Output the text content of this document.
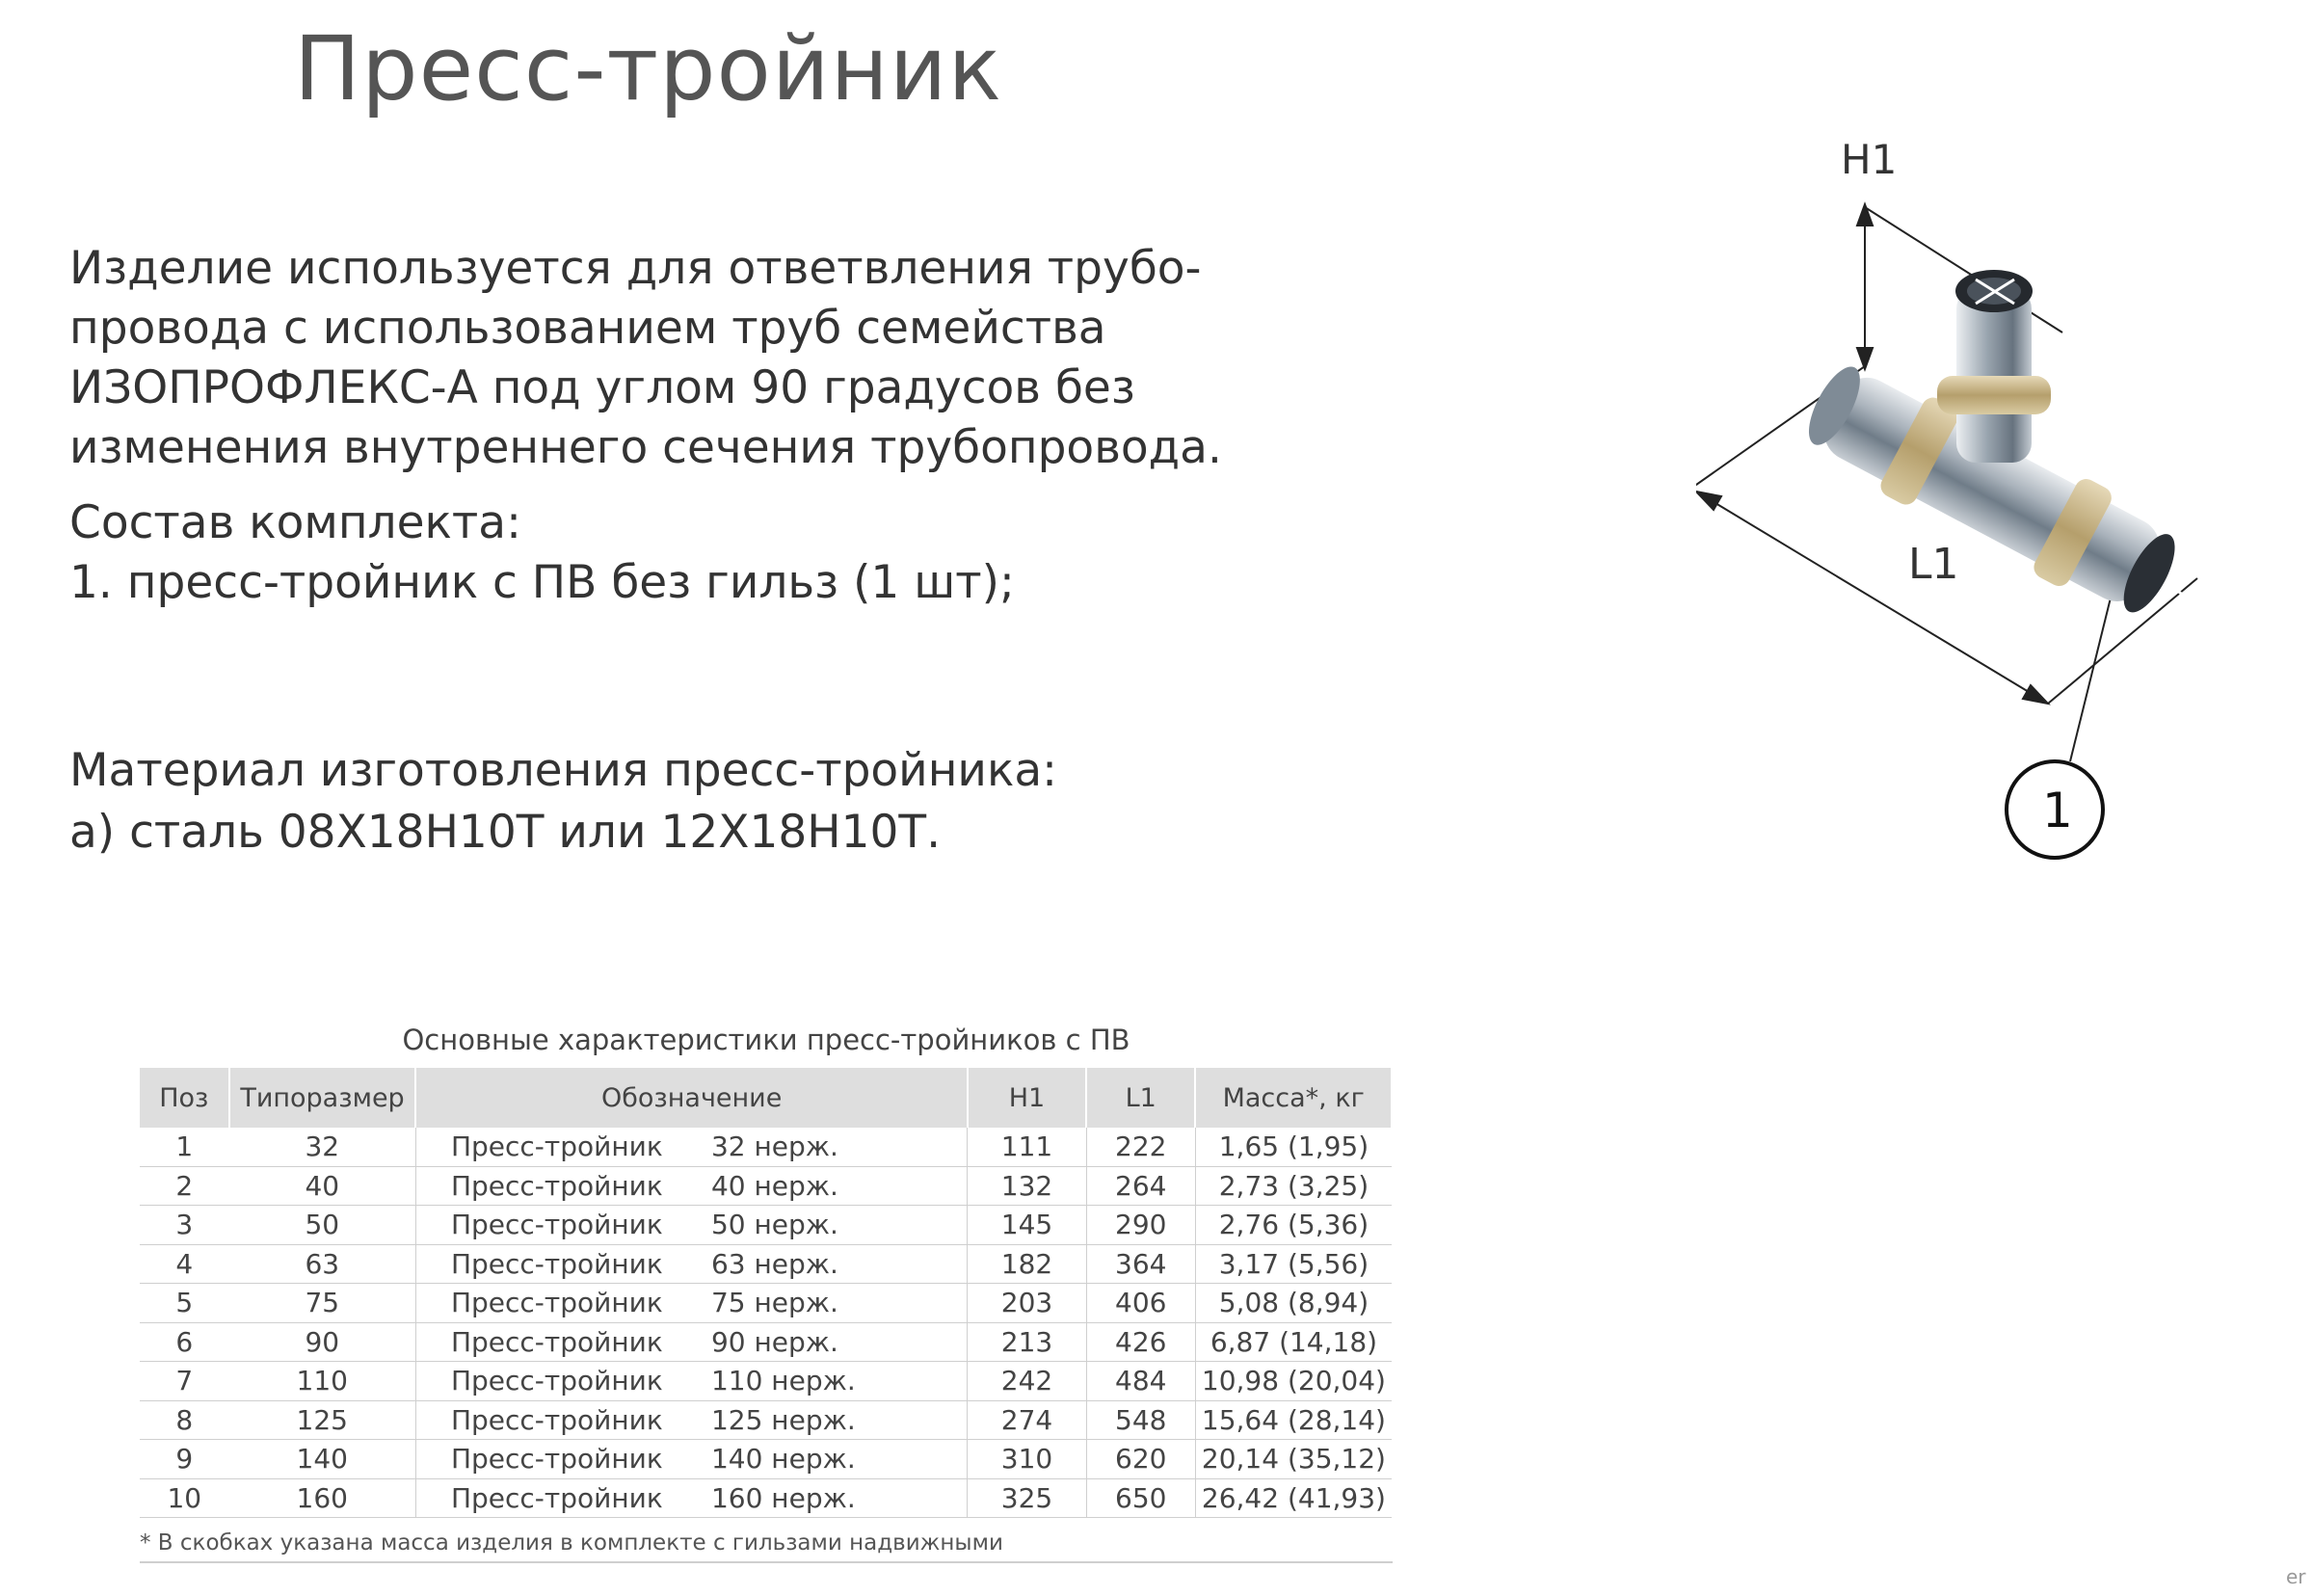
Пресс-тройник
Изделие используется для ответвления трубо-
провода с использованием труб семейства
ИЗОПРОФЛЕКС-А под углом 90 градусов без
изменения внутреннего сечения трубопровода.
Состав комплекта:
1. пресс-тройник с ПВ без гильз (1 шт);
Материал изготовления пресс-тройника:
а) сталь 08Х18Н10Т или 12Х18Н10Т.
H1
L1
1
Основные характеристики пресс-тройников с ПВ
Поз	Типоразмер	Обозначение	H1	L1	Масса*, кг
1	32	Пресс-тройник 32 нерж.	111	222	1,65 (1,95)
2	40	Пресс-тройник 40 нерж.	132	264	2,73 (3,25)
3	50	Пресс-тройник 50 нерж.	145	290	2,76 (5,36)
4	63	Пресс-тройник 63 нерж.	182	364	3,17 (5,56)
5	75	Пресс-тройник 75 нерж.	203	406	5,08 (8,94)
6	90	Пресс-тройник 90 нерж.	213	426	6,87 (14,18)
7	110	Пресс-тройник 110 нерж.	242	484	10,98 (20,04)
8	125	Пресс-тройник 125 нерж.	274	548	15,64 (28,14)
9	140	Пресс-тройник 140 нерж.	310	620	20,14 (35,12)
10	160	Пресс-тройник 160 нерж.	325	650	26,42 (41,93)
* В скобках указана масса изделия в комплекте с гильзами надвижными
er
